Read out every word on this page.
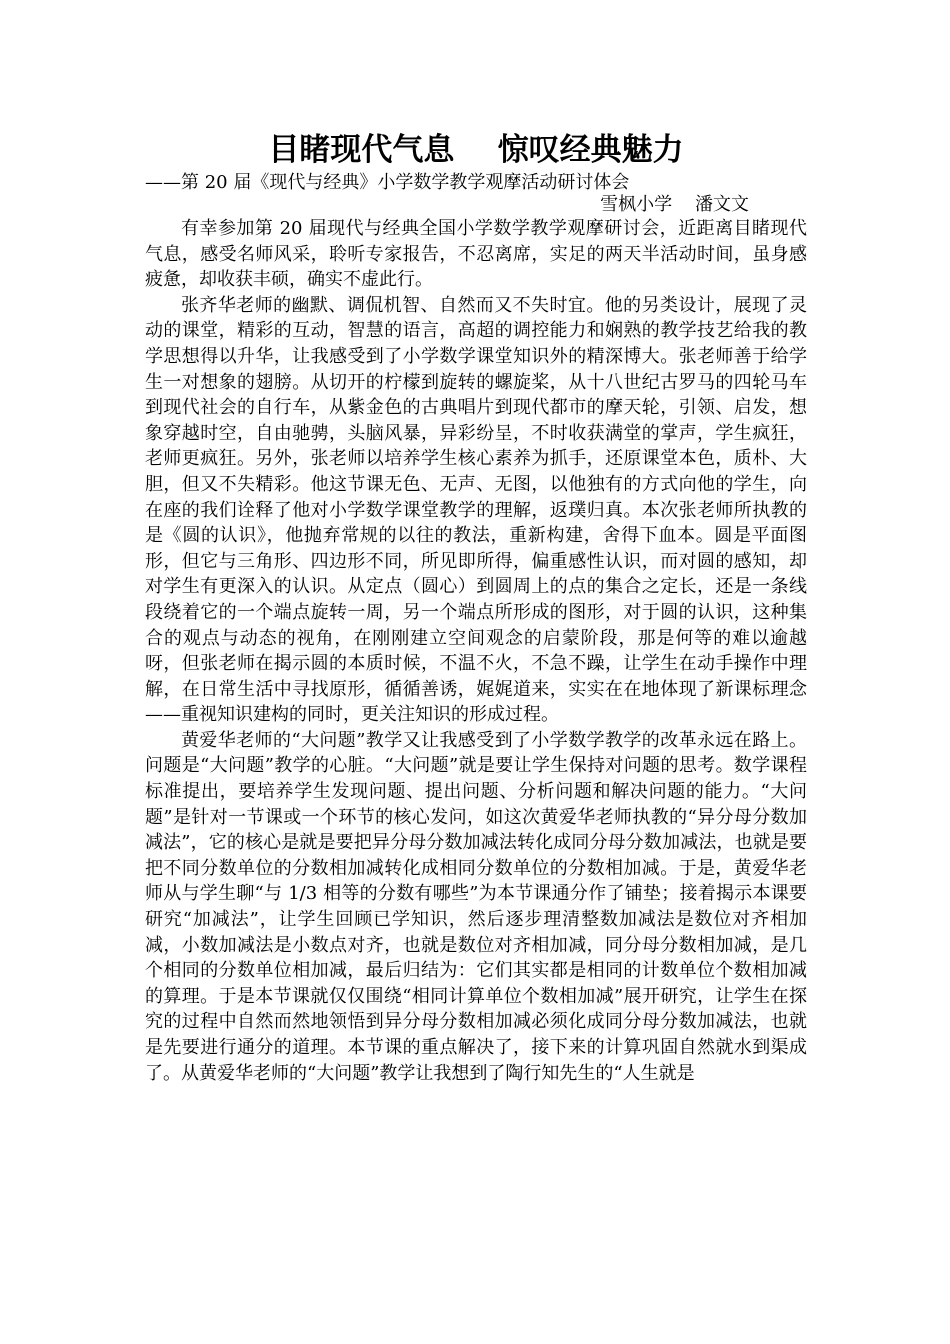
目睹现代气息    惊叹经典魅力

——第 20 届《现代与经典》小学数学教学观摩活动研讨体会

雪枫小学    潘文文

有幸参加第 20 届现代与经典全国小学数学教学观摩研讨会，近距离目睹现代气息，感受名师风采，聆听专家报告，不忍离席，实足的两天半活动时间，虽身感疲惫，却收获丰硕，确实不虚此行。

张齐华老师的幽默、调侃机智、自然而又不失时宜。他的另类设计，展现了灵动的课堂，精彩的互动，智慧的语言，高超的调控能力和娴熟的教学技艺给我的教学思想得以升华，让我感受到了小学数学课堂知识外的精深博大。张老师善于给学生一对想象的翅膀。从切开的柠檬到旋转的螺旋桨，从十八世纪古罗马的四轮马车到现代社会的自行车，从紫金色的古典唱片到现代都市的摩天轮，引领、启发，想象穿越时空，自由驰骋，头脑风暴，异彩纷呈，不时收获满堂的掌声，学生疯狂，老师更疯狂。另外，张老师以培养学生核心素养为抓手，还原课堂本色，质朴、大胆，但又不失精彩。他这节课无色、无声、无图，以他独有的方式向他的学生，向在座的我们诠释了他对小学数学课堂教学的理解，返璞归真。本次张老师所执教的是《圆的认识》，他抛弃常规的以往的教法，重新构建，舍得下血本。圆是平面图形，但它与三角形、四边形不同，所见即所得，偏重感性认识，而对圆的感知，却对学生有更深入的认识。从定点（圆心）到圆周上的点的集合之定长，还是一条线段绕着它的一个端点旋转一周，另一个端点所形成的图形，对于圆的认识，这种集合的观点与动态的视角，在刚刚建立空间观念的启蒙阶段，那是何等的难以逾越呀，但张老师在揭示圆的本质时候，不温不火，不急不躁，让学生在动手操作中理解，在日常生活中寻找原形，循循善诱，娓娓道来，实实在在地体现了新课标理念——重视知识建构的同时，更关注知识的形成过程。

黄爱华老师的“大问题”教学又让我感受到了小学数学教学的改革永远在路上。问题是“大问题”教学的心脏。“大问题”就是要让学生保持对问题的思考。数学课程标准提出，要培养学生发现问题、提出问题、分析问题和解决问题的能力。“大问题”是针对一节课或一个环节的核心发问，如这次黄爱华老师执教的“异分母分数加减法”，它的核心是就是要把异分母分数加减法转化成同分母分数加减法，也就是要把不同分数单位的分数相加减转化成相同分数单位的分数相加减。于是，黄爱华老师从与学生聊“与 1/3 相等的分数有哪些”为本节课通分作了铺垫；接着揭示本课要研究“加减法”，让学生回顾已学知识，然后逐步理清整数加减法是数位对齐相加减，小数加减法是小数点对齐，也就是数位对齐相加减，同分母分数相加减，是几个相同的分数单位相加减，最后归结为：它们其实都是相同的计数单位个数相加减的算理。于是本节课就仅仅围绕“相同计算单位个数相加减”展开研究，让学生在探究的过程中自然而然地领悟到异分母分数相加减必须化成同分母分数加减法，也就是先要进行通分的道理。本节课的重点解决了，接下来的计算巩固自然就水到渠成了。从黄爱华老师的“大问题”教学让我想到了陶行知先生的“人生就是
